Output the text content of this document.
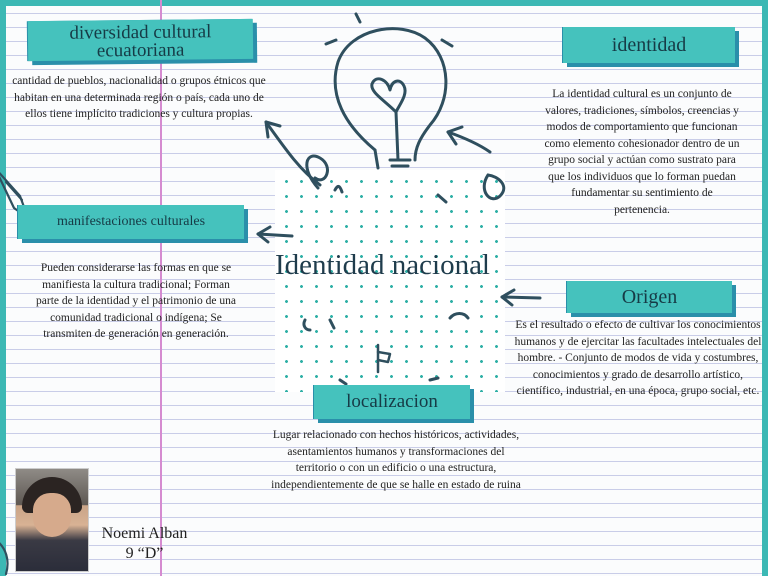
Identidad nacional
diversidad cultural ecuatoriana
cantidad de pueblos, nacionalidad o grupos étnicos que habitan en una determinada región o país, cada uno de ellos tiene implícito tradiciones y cultura propias.
identidad
La identidad cultural es un conjunto de valores, tradiciones, símbolos, creencias y modos de comportamiento que funcionan como elemento cohesionador dentro de un grupo social y actúan como sustrato para que los individuos que lo forman puedan fundamentar su sentimiento de pertenencia.
manifestaciones culturales
Pueden considerarse las formas en que se manifiesta la cultura tradicional; Forman parte de la identidad y el patrimonio de una comunidad tradicional o indígena; Se transmiten de generación en generación.
Origen
Es el resultado o efecto de cultivar los conocimientos humanos y de ejercitar las facultades intelectuales del hombre. - Conjunto de modos de vida y costumbres, conocimientos y grado de desarrollo artístico, científico, industrial, en una época, grupo social, etc.
localizacion
Lugar relacionado con hechos históricos, actividades, asentamientos humanos y transformaciones del territorio o con un edificio o una estructura, independientemente de que se halle en estado de ruina
Noemi Alban
9 “D”
